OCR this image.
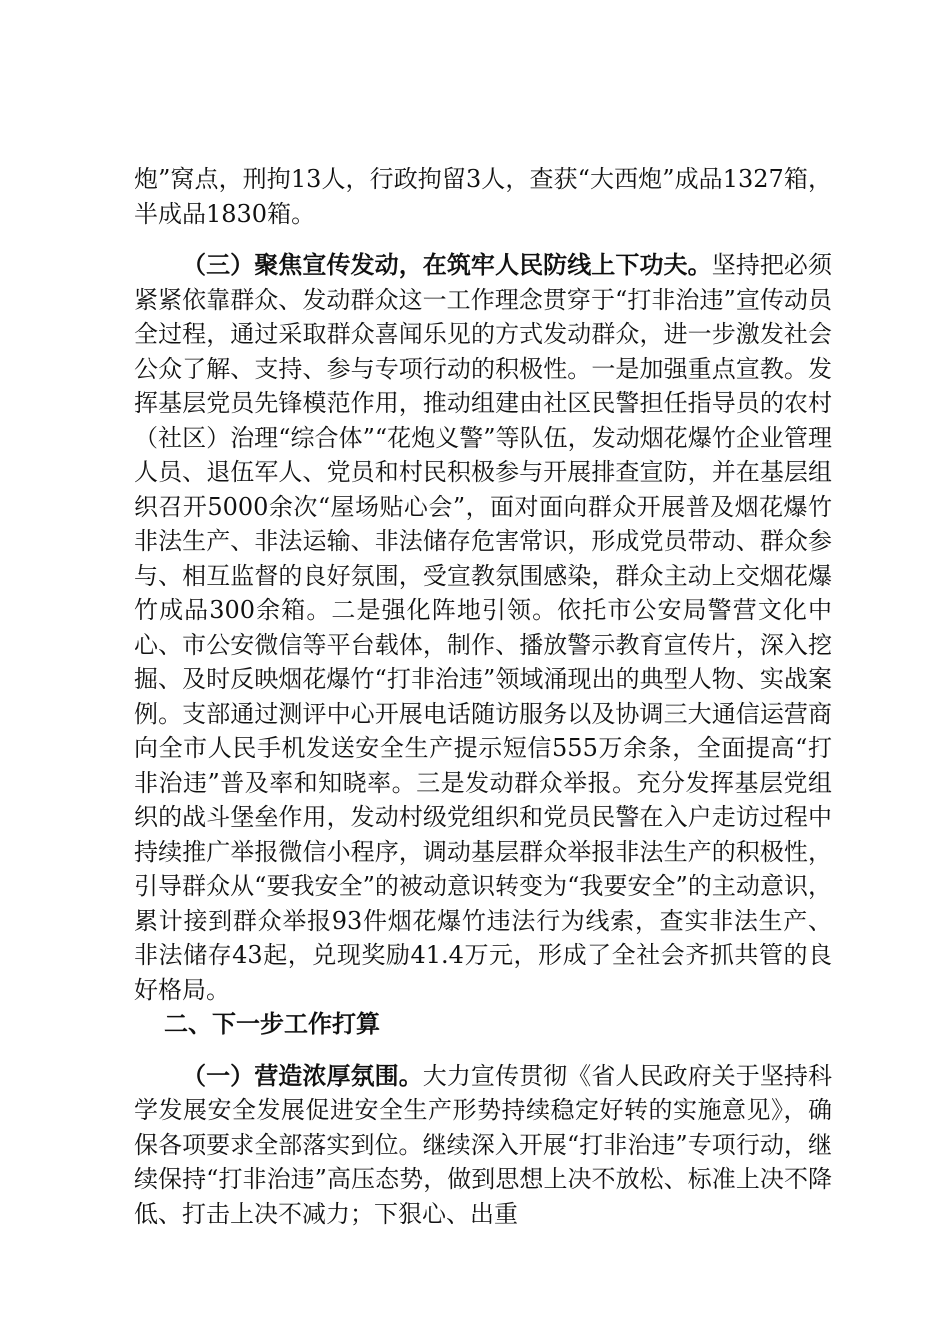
炮”窝点，刑拘13人，行政拘留3人，查获“大西炮”成品1327箱，半成品1830箱。

（三）聚焦宣传发动，在筑牢人民防线上下功夫。坚持把必须紧紧依靠群众、发动群众这一工作理念贯穿于“打非治违”宣传动员全过程，通过采取群众喜闻乐见的方式发动群众，进一步激发社会公众了解、支持、参与专项行动的积极性。一是加强重点宣教。发挥基层党员先锋模范作用，推动组建由社区民警担任指导员的农村（社区）治理“综合体”“花炮义警”等队伍，发动烟花爆竹企业管理人员、退伍军人、党员和村民积极参与开展排查宣防，并在基层组织召开5000余次“屋场贴心会”，面对面向群众开展普及烟花爆竹非法生产、非法运输、非法储存危害常识，形成党员带动、群众参与、相互监督的良好氛围，受宣教氛围感染，群众主动上交烟花爆竹成品300余箱。二是强化阵地引领。依托市公安局警营文化中心、市公安微信等平台载体，制作、播放警示教育宣传片，深入挖掘、及时反映烟花爆竹“打非治违”领域涌现出的典型人物、实战案例。支部通过测评中心开展电话随访服务以及协调三大通信运营商向全市人民手机发送安全生产提示短信555万余条，全面提高“打非治违”普及率和知晓率。三是发动群众举报。充分发挥基层党组织的战斗堡垒作用，发动村级党组织和党员民警在入户走访过程中持续推广举报微信小程序，调动基层群众举报非法生产的积极性，引导群众从“要我安全”的被动意识转变为“我要安全”的主动意识，累计接到群众举报93件烟花爆竹违法行为线索，查实非法生产、非法储存43起，兑现奖励41.4万元，形成了全社会齐抓共管的良好格局。

二、下一步工作打算

（一）营造浓厚氛围。大力宣传贯彻《省人民政府关于坚持科学发展安全发展促进安全生产形势持续稳定好转的实施意见》，确保各项要求全部落实到位。继续深入开展“打非治违”专项行动，继续保持“打非治违”高压态势，做到思想上决不放松、标准上决不降低、打击上决不减力；下狠心、出重
